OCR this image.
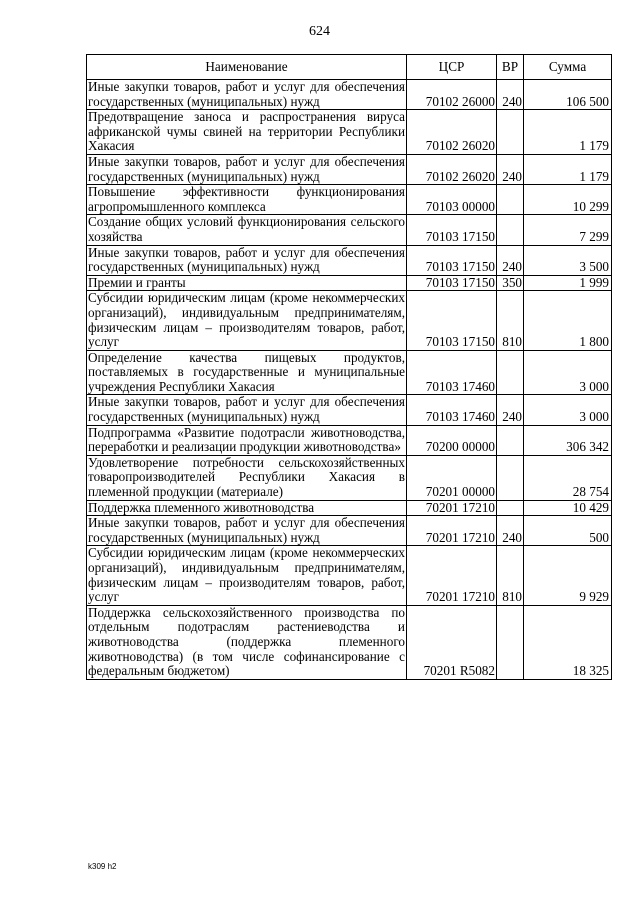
624
Наименование	ЦСР	ВР	Сумма
Иные закупки товаров, работ и услуг для обеспечения государственных (муниципальных) нужд	70102 26000	240	106 500
Предотвращение заноса и распространения вируса африканской чумы свиней на территории Республики Хакасия	70102 26020		1 179
Иные закупки товаров, работ и услуг для обеспечения государственных (муниципальных) нужд	70102 26020	240	1 179
Повышение эффективности функционирования агропромышленного комплекса	70103 00000		10 299
Создание общих условий функционирования сельского хозяйства	70103 17150		7 299
Иные закупки товаров, работ и услуг для обеспечения государственных (муниципальных) нужд	70103 17150	240	3 500
Премии и гранты	70103 17150	350	1 999
Субсидии юридическим лицам (кроме некоммерческих организаций), индивидуальным предпринимателям, физическим лицам – производителям товаров, работ, услуг	70103 17150	810	1 800
Определение качества пищевых продуктов, поставляемых в государственные и муниципальные учреждения Республики Хакасия	70103 17460		3 000
Иные закупки товаров, работ и услуг для обеспечения государственных (муниципальных) нужд	70103 17460	240	3 000
Подпрограмма «Развитие подотрасли животноводства, переработки и реализации продукции животноводства»	70200 00000		306 342
Удовлетворение потребности сельскохозяйственных товаропроизводителей Республики Хакасия в племенной продукции (материале)	70201 00000		28 754
Поддержка племенного животноводства	70201 17210		10 429
Иные закупки товаров, работ и услуг для обеспечения государственных (муниципальных) нужд	70201 17210	240	500
Субсидии юридическим лицам (кроме некоммерческих организаций), индивидуальным предпринимателям, физическим лицам – производителям товаров, работ, услуг	70201 17210	810	9 929
Поддержка сельскохозяйственного производства по отдельным подотраслям растениеводства и животноводства (поддержка племенного животноводства) (в том числе софинансирование с федеральным бюджетом)	70201 R5082		18 325
k309 h2
